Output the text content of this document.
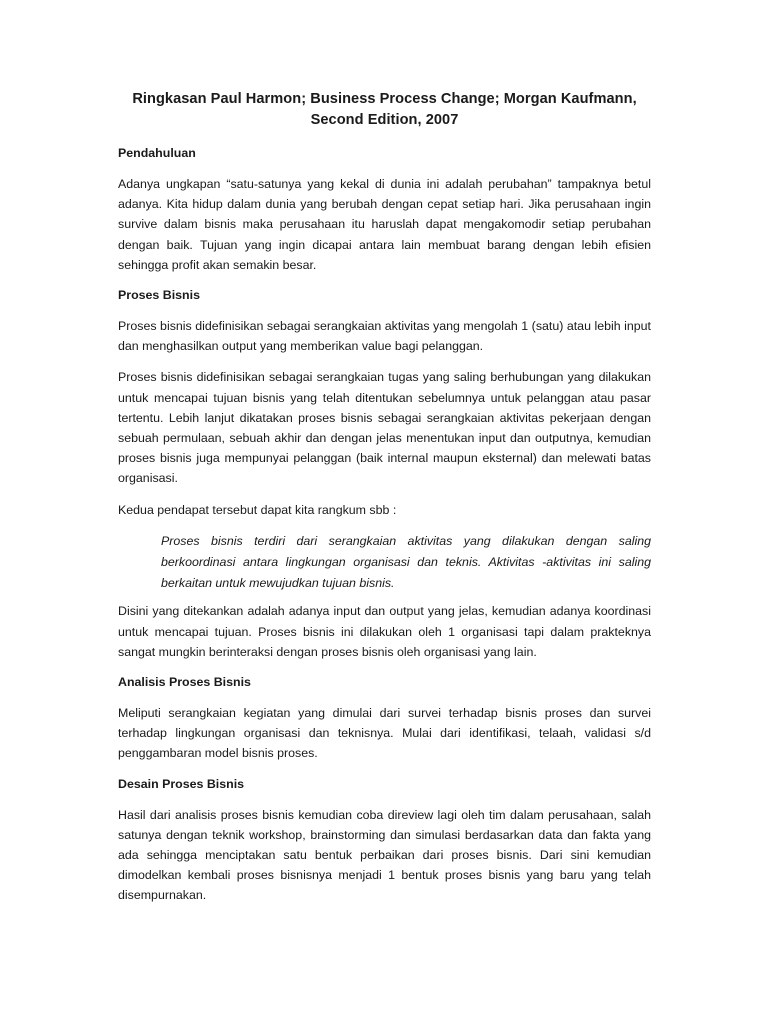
Ringkasan Paul Harmon; Business Process Change; Morgan Kaufmann, Second Edition, 2007
Pendahuluan

Adanya ungkapan “satu-satunya yang kekal di dunia ini adalah perubahan” tampaknya betul adanya. Kita hidup dalam dunia yang berubah dengan cepat setiap hari. Jika perusahaan ingin survive dalam bisnis maka perusahaan itu haruslah dapat mengakomodir setiap perubahan dengan baik. Tujuan yang ingin dicapai antara lain membuat barang dengan lebih efisien sehingga profit akan semakin besar.

Proses Bisnis

Proses bisnis didefinisikan sebagai serangkaian aktivitas yang mengolah 1 (satu) atau lebih input dan menghasilkan output yang memberikan value bagi pelanggan.

Proses bisnis didefinisikan sebagai serangkaian tugas yang saling berhubungan yang dilakukan untuk mencapai tujuan bisnis yang telah ditentukan sebelumnya untuk pelanggan atau pasar tertentu. Lebih lanjut dikatakan proses bisnis sebagai serangkaian aktivitas pekerjaan dengan sebuah permulaan, sebuah akhir dan dengan jelas menentukan input dan outputnya, kemudian proses bisnis juga mempunyai pelanggan (baik internal maupun eksternal) dan melewati batas organisasi.

Kedua pendapat tersebut dapat kita rangkum sbb :

Proses bisnis terdiri dari serangkaian aktivitas yang dilakukan dengan saling berkoordinasi antara lingkungan organisasi dan teknis. Aktivitas -aktivitas ini saling berkaitan untuk mewujudkan tujuan bisnis.

Disini yang ditekankan adalah adanya input dan output yang jelas, kemudian adanya koordinasi untuk mencapai tujuan. Proses bisnis ini dilakukan oleh 1 organisasi tapi dalam prakteknya sangat mungkin berinteraksi dengan proses bisnis oleh organisasi yang lain.

Analisis Proses Bisnis

Meliputi serangkaian kegiatan yang dimulai dari survei terhadap bisnis proses dan survei terhadap lingkungan organisasi dan teknisnya. Mulai dari identifikasi, telaah, validasi s/d penggambaran model bisnis proses.

Desain Proses Bisnis

Hasil dari analisis proses bisnis kemudian coba direview lagi oleh tim dalam perusahaan, salah satunya dengan teknik workshop, brainstorming dan simulasi berdasarkan data dan fakta yang ada sehingga menciptakan satu bentuk perbaikan dari proses bisnis. Dari sini kemudian dimodelkan kembali proses bisnisnya menjadi 1 bentuk proses bisnis yang baru yang telah disempurnakan.
